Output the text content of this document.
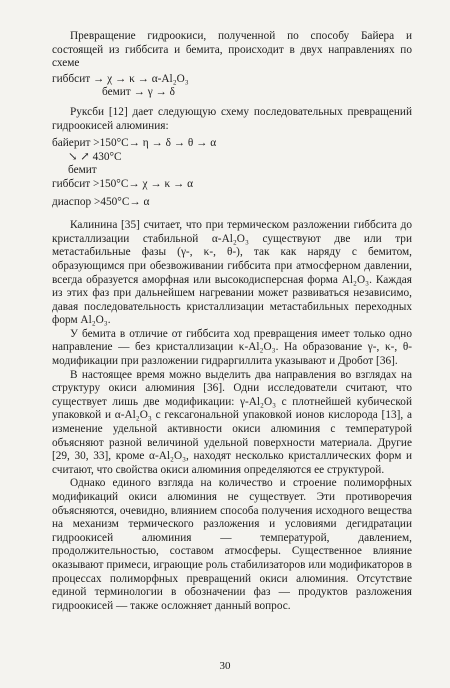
Превращение гидроокиси, полученной по способу Байера и состоящей из гиббсита и бемита, происходит в двух направлениях по схеме

гиббсит → χ → κ → α-Al₂O₃
бемит → γ → δ

Руксби [12] дает следующую схему последовательных превращений гидроокисей алюминия:

байерит >150°С→ η → δ → θ → α
↘ ↗ 430°С
бемит
гиббсит >150°С→ χ → κ → α
диаспор >450°С→ α

Калинина [35] считает, что при термическом разложении гиббсита до кристаллизации стабильной α-Al₂O₃ существуют две или три метастабильные фазы (γ-, κ-, θ-), так как наряду с бемитом, образующимся при обезвоживании гиббсита при атмосферном давлении, всегда образуется аморфная или высокодисперсная форма Al₂O₃. Каждая из этих фаз при дальнейшем нагревании может развиваться независимо, давая последовательность кристаллизации метастабильных переходных форм Al₂O₃.

У бемита в отличие от гиббсита ход превращения имеет только одно направление — без кристаллизации κ-Al₂O₃. На образование γ-, κ-, θ-модификации при разложении гидраргиллита указывают и Дробот [36].

В настоящее время можно выделить два направления во взглядах на структуру окиси алюминия [36]. Одни исследователи считают, что существует лишь две модификации: γ-Al₂O₃ с плотнейшей кубической упаковкой и α-Al₂O₃ с гексагональной упаковкой ионов кислорода [13], а изменение удельной активности окиси алюминия с температурой объясняют разной величиной удельной поверхности материала. Другие [29, 30, 33], кроме α-Al₂O₃, находят несколько кристаллических форм и считают, что свойства окиси алюминия определяются ее структурой.

Однако единого взгляда на количество и строение полиморфных модификаций окиси алюминия не существует. Эти противоречия объясняются, очевидно, влиянием способа получения исходного вещества на механизм термического разложения и условиями дегидратации гидроокисей алюминия — температурой, давлением, продолжительностью, составом атмосферы. Существенное влияние оказывают примеси, играющие роль стабилизаторов или модификаторов в процессах полиморфных превращений окиси алюминия. Отсутствие единой терминологии в обозначении фаз — продуктов разложения гидроокисей — также осложняет данный вопрос.

30
